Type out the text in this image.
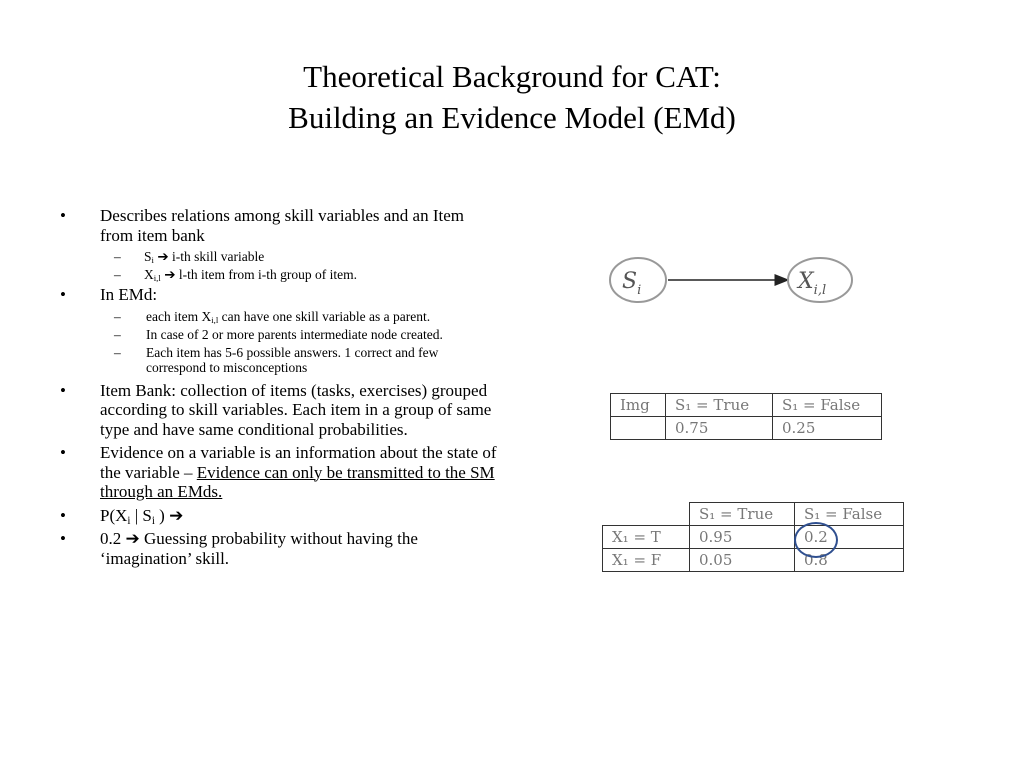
Theoretical Background for CAT:
Building an Evidence Model (EMd)
• Describes relations among skill variables and an Item from item bank
– $S_i$ ➔ i-th skill variable
– $X_{i,l}$ ➔ l-th item from i-th group of item.
• In EMd:
– each item $X_{i,l}$ can have one skill variable as a parent.
– In case of 2 or more parents intermediate node created.
– Each item has 5-6 possible answers. 1 correct and few correspond to misconceptions
• Item Bank: collection of items (tasks, exercises) grouped according to skill variables. Each item in a group of same type and have same conditional probabilities.
• Evidence on a variable is an information about the state of the variable – Evidence can only be transmitted to the SM through an EMds.
• $P(X_i$ | $S_i$ ) ➔
• 0.2 ➔ Guessing probability without having the ‘imagination’ skill.
$S_i$	$X_{i,l}$
Img	S₁ = True	S₁ = False
	0.75	0.25
	S₁ = True	S₁ = False
X₁ = T	0.95	0.2
X₁ = F	0.05	0.8
